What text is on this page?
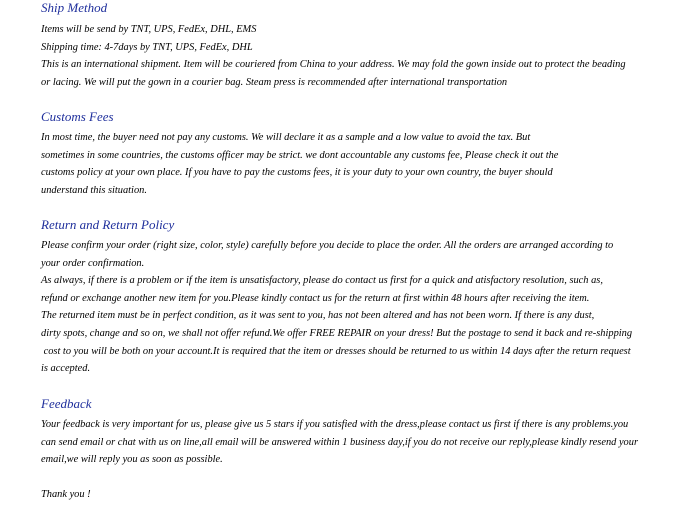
Ship Method

Items will be send by TNT, UPS, FedEx, DHL, EMS

Shipping time: 4-7days by TNT, UPS, FedEx, DHL

This is an international shipment. Item will be couriered from China to your address. We may fold the gown inside out to protect the beading

or lacing. We will put the gown in a courier bag. Steam press is recommended after international transportation

Customs Fees

In most time, the buyer need not pay any customs. We will declare it as a sample and a low value to avoid the tax. But

sometimes in some countries, the customs officer may be strict. we dont accountable any customs fee, Please check it out the

customs policy at your own place. If you have to pay the customs fees, it is your duty to your own country, the buyer should

understand this situation.

Return and Return Policy

Please confirm your order (right size, color, style) carefully before you decide to place the order. All the orders are arranged according to

your order confirmation.

As always, if there is a problem or if the item is unsatisfactory, please do contact us first for a quick and atisfactory resolution, such as,

refund or exchange another new item for you.Please kindly contact us for the return at first within 48 hours after receiving the item.

The returned item must be in perfect condition, as it was sent to you, has not been altered and has not been worn. If there is any dust,

dirty spots, change and so on, we shall not offer refund.We offer FREE REPAIR on your dress! But the postage to send it back and re-shipping

cost to you will be both on your account.It is required that the item or dresses should be returned to us within 14 days after the return request

is accepted.

Feedback

Your feedback is very important for us, please give us 5 stars if you satisfied with the dress,please contact us first if there is any problems.you

can send email or chat with us on line,all email will be answered within 1 business day,if you do not receive our reply,please kindly resend your

email,we will reply you as soon as possible.

Thank you !
